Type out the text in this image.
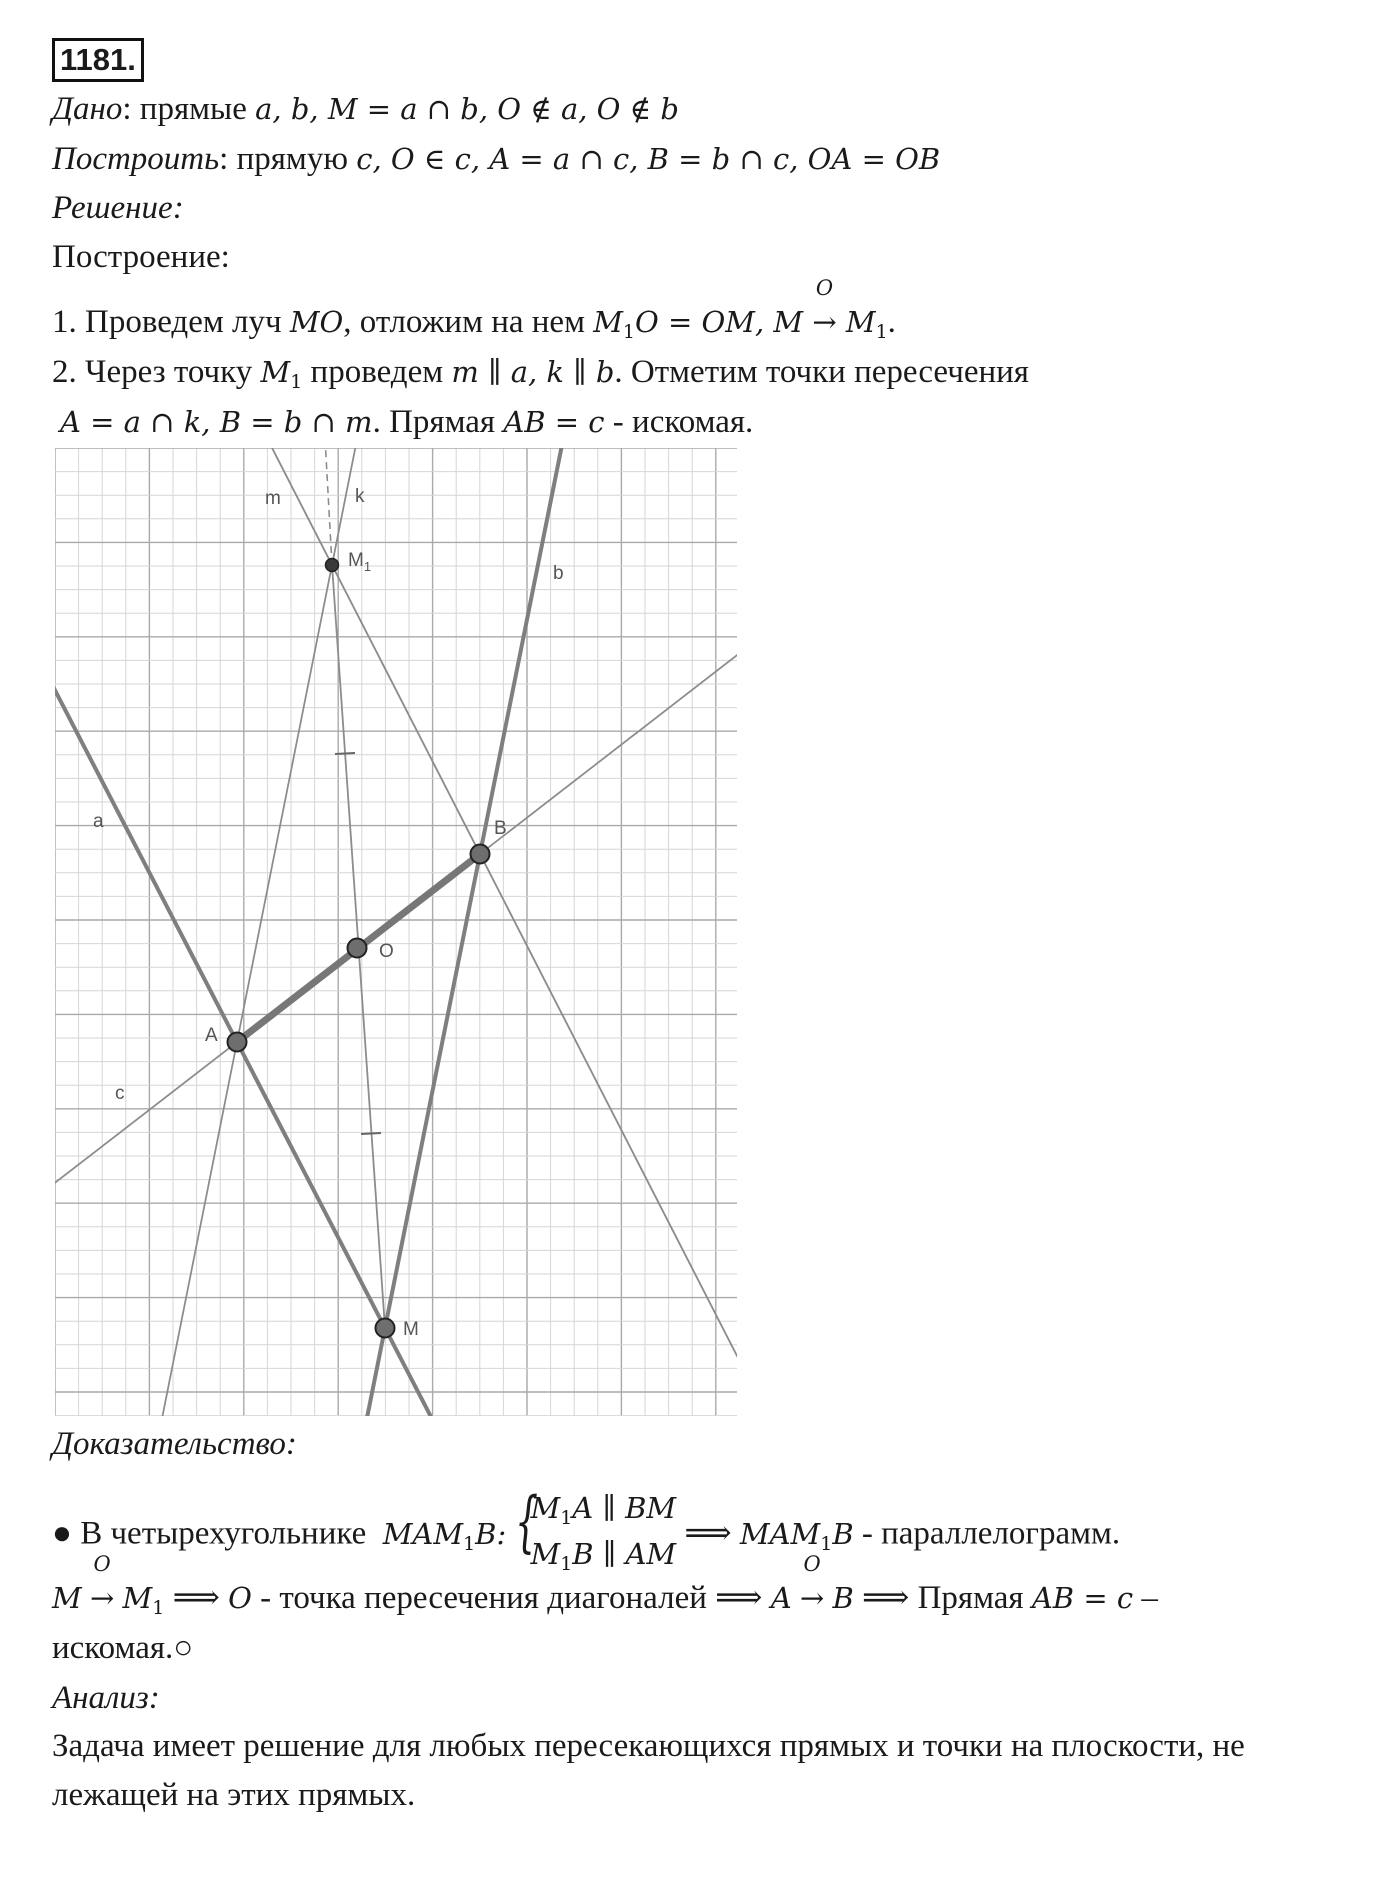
1181.
Дано: прямые a, b, M = a ∩ b, O ∉ a, O ∉ b
Построить: прямую c, O ∈ c, A = a ∩ c, B = b ∩ c, OA = OB
Решение:
Построение:
1. Проведем луч MO, отложим на нем $M_1O$ = OM, M
O
→ $M_1$.
2. Через точку $M_1$ проведем m ∥ a, k ∥ b. Отметим точки пересечения
A = a ∩ k, B = b ∩ m. Прямая AB = c - искомая.
m	k
$M_1$	b
a	B
O
A
c
M
Доказательство:
● В четырехугольнике $MAM_1B$: {
$M_1A$ ∥ BM
$M_1B$ ∥ AM
⟹ $MAM_1B$ - параллелограмм.
M
O
→ $M_1$ ⟹ O - точка пересечения диагоналей ⟹ A
O
→ B ⟹ Прямая AB = c –
искомая.○
Анализ:
Задача имеет решение для любых пересекающихся прямых и точки на плоскости, не
лежащей на этих прямых.
